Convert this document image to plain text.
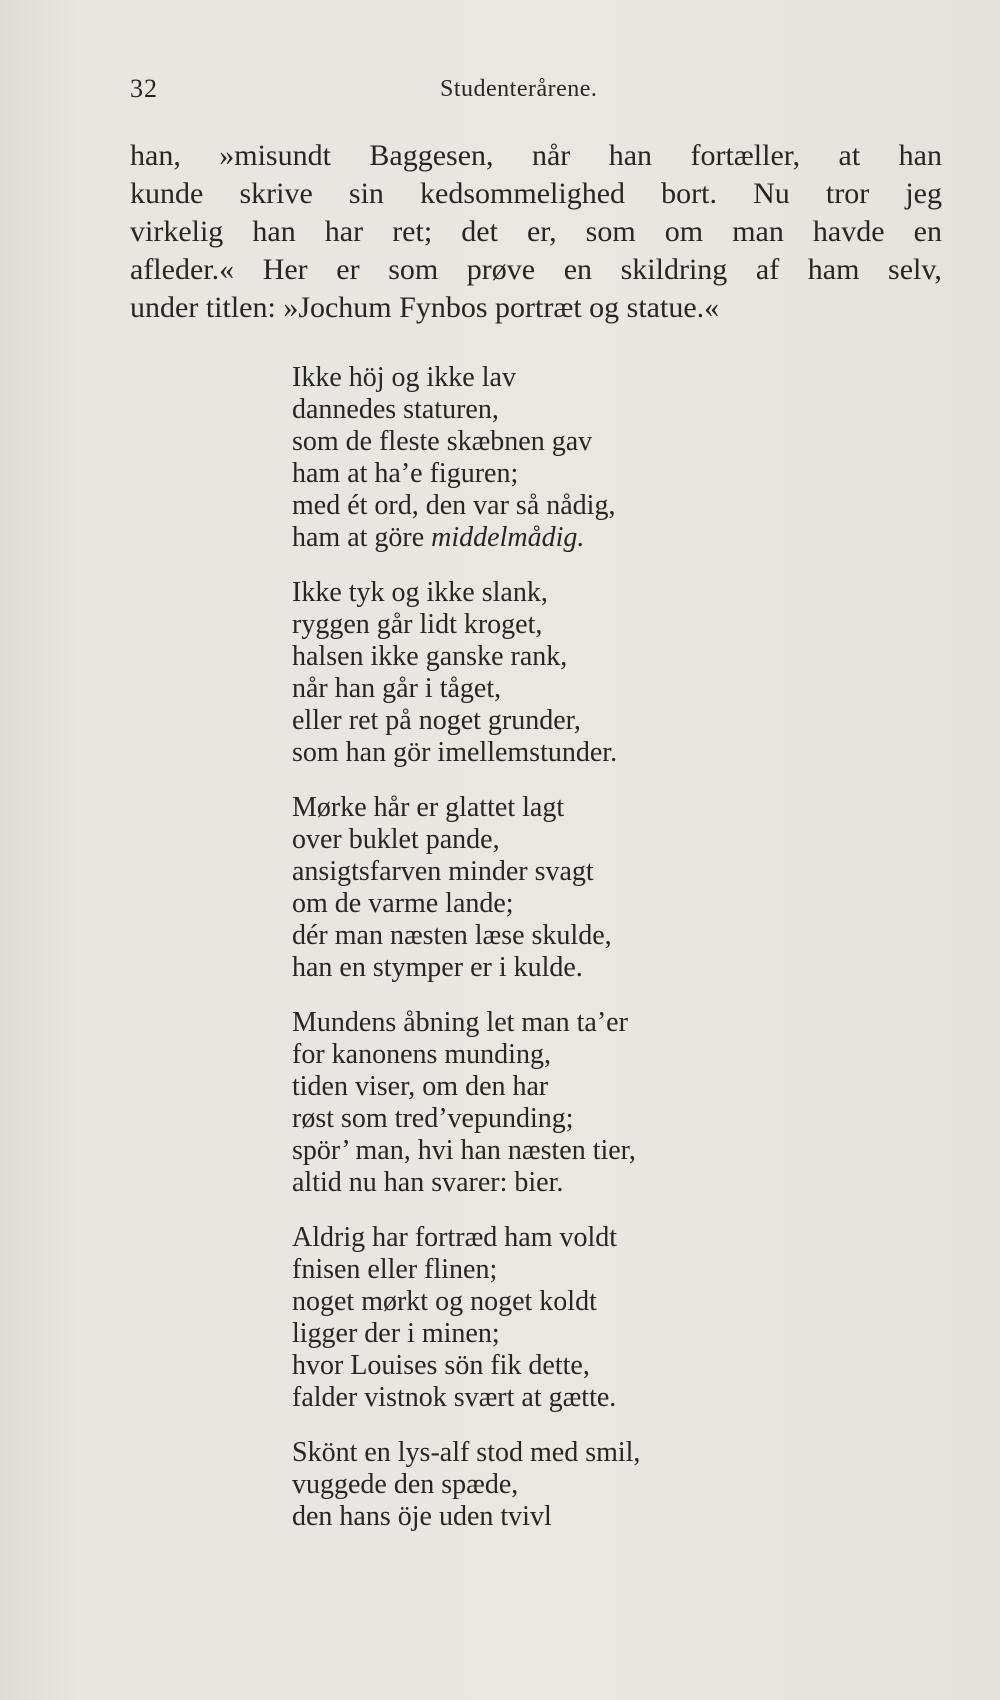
32	Studenterårene.
han, »misundt Baggesen, når han fortæller, at han
kunde skrive sin kedsommelighed bort. Nu tror jeg
virkelig han har ret; det er, som om man havde en
afleder.« Her er som prøve en skildring af ham selv,
under titlen: »Jochum Fynbos portræt og statue.«
Ikke höj og ikke lav
dannedes staturen,
som de fleste skæbnen gav
ham at ha’e figuren;
med ét ord, den var så nådig,
ham at göre middelmådig.
Ikke tyk og ikke slank,
ryggen går lidt kroget,
halsen ikke ganske rank,
når han går i tåget,
eller ret på noget grunder,
som han gör imellemstunder.
Mørke hår er glattet lagt
over buklet pande,
ansigtsfarven minder svagt
om de varme lande;
dér man næsten læse skulde,
han en stymper er i kulde.
Mundens åbning let man ta’er
for kanonens munding,
tiden viser, om den har
røst som tred’vepunding;
spör’ man, hvi han næsten tier,
altid nu han svarer: bier.
Aldrig har fortræd ham voldt
fnisen eller flinen;
noget mørkt og noget koldt
ligger der i minen;
hvor Louises sön fik dette,
falder vistnok svært at gætte.
Skönt en lys-alf stod med smil,
vuggede den spæde,
den hans öje uden tvivl
